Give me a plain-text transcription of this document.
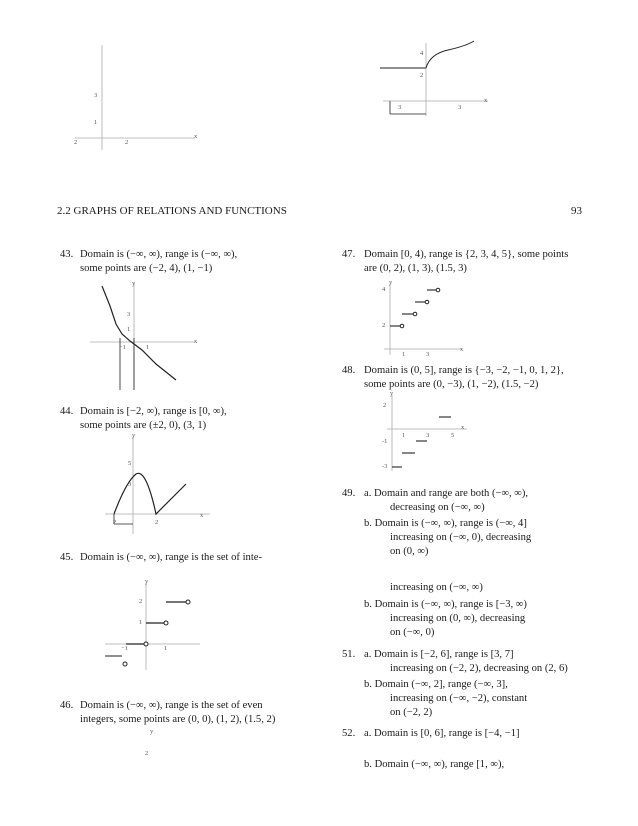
x
3
1
2	2
x
4
2
3	3
2.2 GRAPHS OF RELATIONS AND FUNCTIONS	93
43. Domain is (−∞, ∞), range is (−∞, ∞),
some points are (−2, 4), (1, −1)
y
x
3
1
−1	1
44. Domain is [−2, ∞), range is [0, ∞),
some points are (±2, 0), (3, 1)
y
x
5
3
2	2
45. Domain is (−∞, ∞), range is the set of inte-
y
2
1
−1	1
46. Domain is (−∞, ∞), range is the set of even
integers, some points are (0, 0), (1, 2), (1.5, 2)
y
2
47. Domain [0, 4), range is {2, 3, 4, 5}, some points
are (0, 2), (1, 3), (1.5, 3)
y
4
2
1	3
x
48. Domain is (0, 5], range is {−3, −2, −1, 0, 1, 2},
some points are (0, −3), (1, −2), (1.5, −2)
y
2
-1
-3
1	3	5
x
49. a. Domain and range are both (−∞, ∞),
decreasing on (−∞, ∞)
b. Domain is (−∞, ∞), range is (−∞, 4]
increasing on (−∞, 0), decreasing
on (0, ∞)
increasing on (−∞, ∞)
b. Domain is (−∞, ∞), range is [−3, ∞)
increasing on (0, ∞), decreasing
on (−∞, 0)
51. a. Domain is [−2, 6], range is [3, 7]
increasing on (−2, 2), decreasing on (2, 6)
b. Domain (−∞, 2], range (−∞, 3],
increasing on (−∞, −2), constant
on (−2, 2)
52. a. Domain is [0, 6], range is [−4, −1]
b. Domain (−∞, ∞), range [1, ∞),
